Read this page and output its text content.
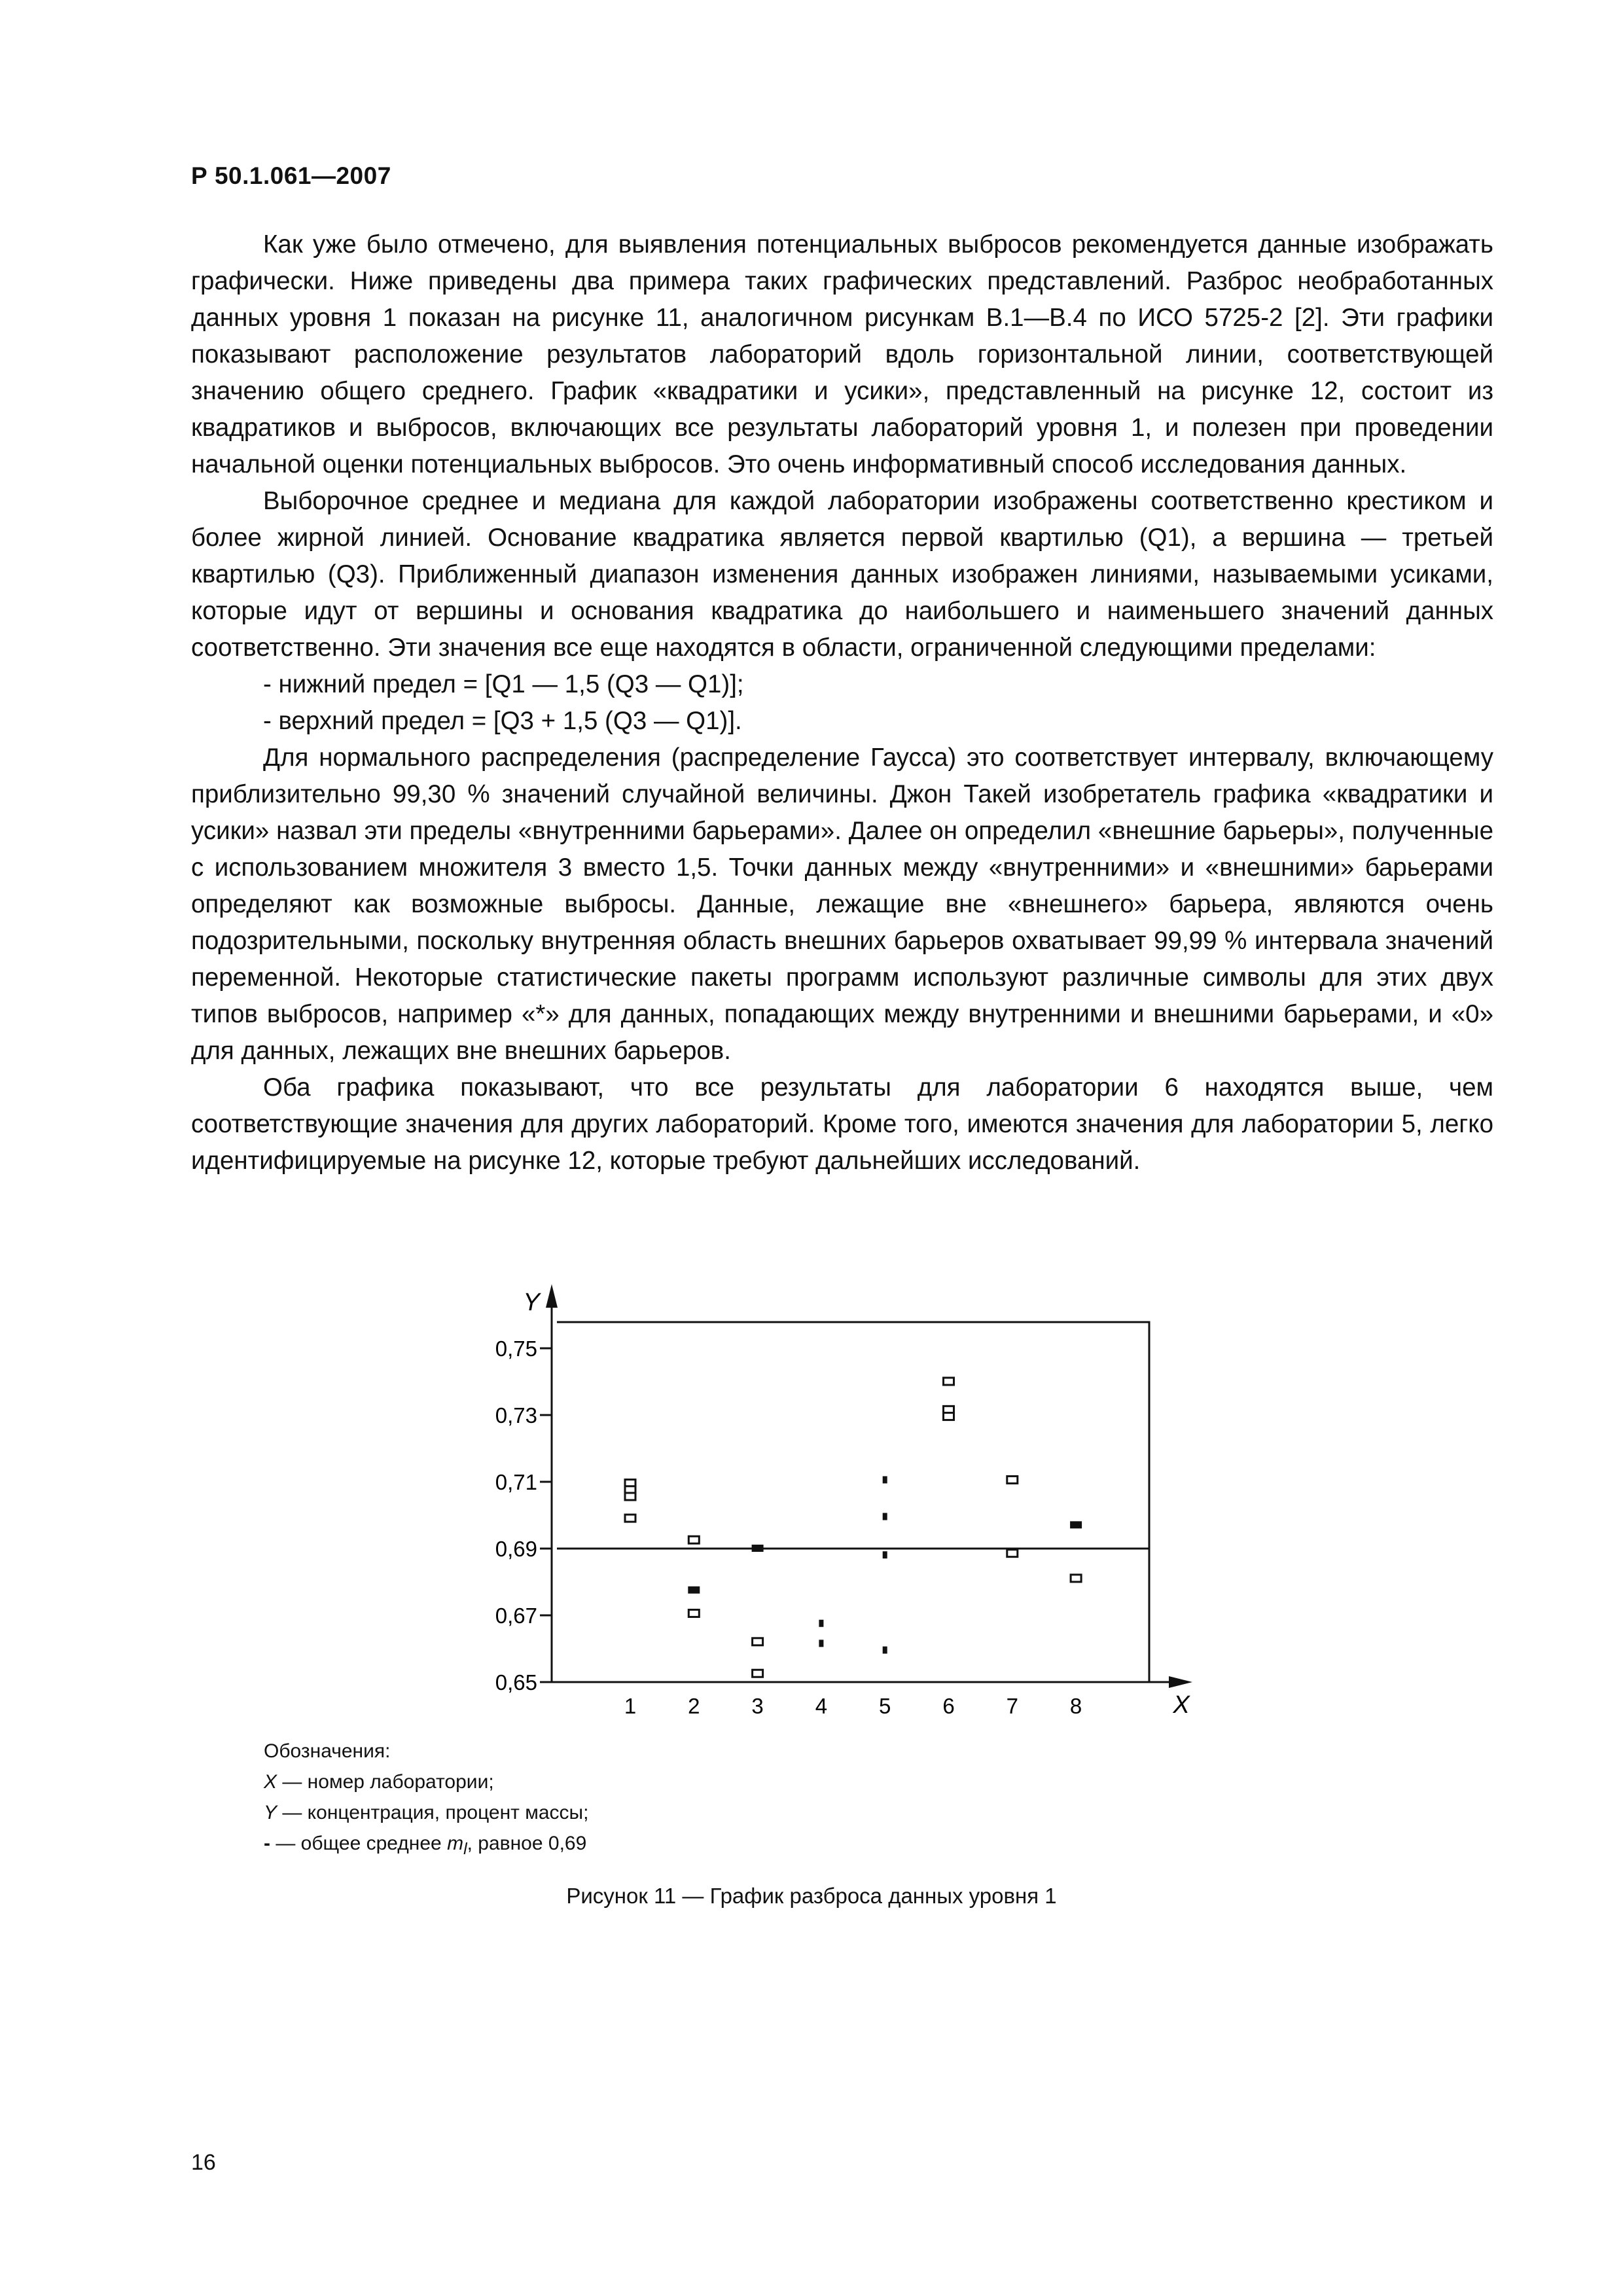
Р 50.1.061—2007

Как уже было отмечено, для выявления потенциальных выбросов рекомендуется данные изображать графически. Ниже приведены два примера таких графических представлений. Разброс необработанных данных уровня 1 показан на рисунке 11, аналогичном рисункам В.1—В.4 по ИСО 5725-2 [2]. Эти графики показывают расположение результатов лабораторий вдоль горизонтальной линии, соответствующей значению общего среднего. График «квадратики и усики», представленный на рисунке 12, состоит из квадратиков и выбросов, включающих все результаты лабораторий уровня 1, и полезен при проведении начальной оценки потенциальных выбросов. Это очень информативный способ исследования данных.

Выборочное среднее и медиана для каждой лаборатории изображены соответственно крестиком и более жирной линией. Основание квадратика является первой квартилью (Q1), а вершина — третьей квартилью (Q3). Приближенный диапазон изменения данных изображен линиями, называемыми усиками, которые идут от вершины и основания квадратика до наибольшего и наименьшего значений данных соответственно. Эти значения все еще находятся в области, ограниченной следующими пределами:

- нижний предел = [Q1 — 1,5 (Q3 — Q1)];

- верхний предел = [Q3 + 1,5 (Q3 — Q1)].

Для нормального распределения (распределение Гаусса) это соответствует интервалу, включающему приблизительно 99,30 % значений случайной величины. Джон Такей изобретатель графика «квадратики и усики» назвал эти пределы «внутренними барьерами». Далее он определил «внешние барьеры», полученные с использованием множителя 3 вместо 1,5. Точки данных между «внутренними» и «внешними» барьерами определяют как возможные выбросы. Данные, лежащие вне «внешнего» барьера, являются очень подозрительными, поскольку внутренняя область внешних барьеров охватывает 99,99 % интервала значений переменной. Некоторые статистические пакеты программ используют различные символы для этих двух типов выбросов, например «*» для данных, попадающих между внутренними и внешними барьерами, и «0» для данных, лежащих вне внешних барьеров.

Оба графика показывают, что все результаты для лаборатории 6 находятся выше, чем соответствующие значения для других лабораторий. Кроме того, имеются значения для лаборатории 5, легко идентифицируемые на рисунке 12, которые требуют дальнейших исследований.

Y
X
0,65
0,67
0,69
0,71
0,73
0,75
1 2 3 4 5 6 7 8
Обозначения:
X — номер лаборатории;
Y — концентрация, процент массы;
- — общее среднее $m_l$, равное 0,69
Рисунок 11 — График разброса данных уровня 1
16
